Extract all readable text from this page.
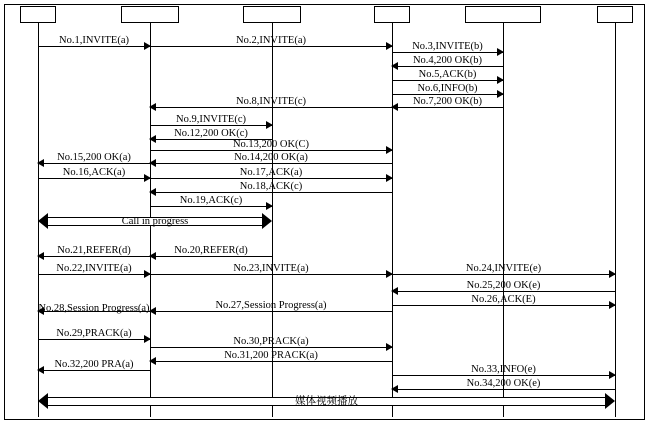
No.1,INVITE(a)	No.2,INVITE(a)
No.3,INVITE(b)
No.4,200 OK(b)
No.5,ACK(b)
No.6,INFO(b)
No.7,200 OK(b)
No.8,INVITE(c)
No.9,INVITE(c)
No.12,200 OK(c)
No.13,200 OK(C)
No.14,200 OK(a)
No.15,200 OK(a)
No.16,ACK(a)	No.17,ACK(a)
No.18,ACK(c)
No.19,ACK(c)
No.20,REFER(d)
No.21,REFER(d)
No.22,INVITE(a)	No.23,INVITE(a)	No.24,INVITE(e)
No.25,200 OK(e)
No.26,ACK(E)
No.27,Session Progress(a)
No.28,Session Progress(a)
No.29,PRACK(a)
No.30,PRACK(a)
No.31,200 PRACK(a)
No.32,200 PRA(a)	No.33,INFO(e)
No.34,200 OK(e)
Call in progress
媒体视频播放
